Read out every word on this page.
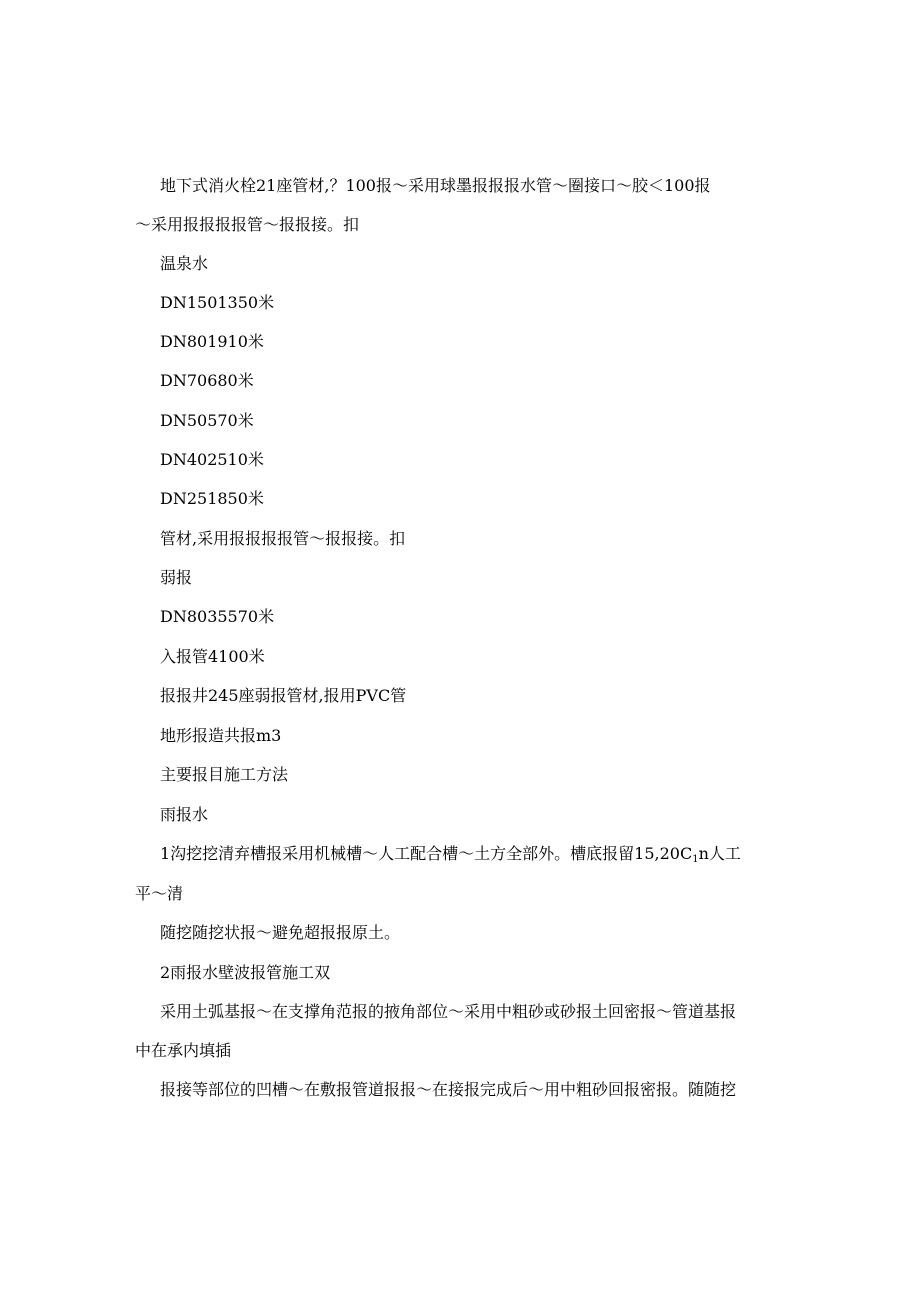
地下式消火栓21座管材,？100报～采用球墨报报报水管～圈接口～胶＜100报
～采用报报报报管～报报接。扣
温泉水
DN1501350米
DN801910米
DN70680米
DN50570米
DN402510米
DN251850米
管材,采用报报报报管～报报接。扣
弱报
DN8035570米
入报管4100米
报报井245座弱报管材,报用PVC管
地形报造共报m3
主要报目施工方法
雨报水
1沟挖挖清弃槽报采用机械槽～人工配合槽～土方全部外。槽底报留$15,20C_1n$人工
平～清
随挖随挖状报～避免超报报原土。
2雨报水壁波报管施工双
采用土弧基报～在支撑角范报的掖角部位～采用中粗砂或砂报土回密报～管道基报
中在承内填插
报接等部位的凹槽～在敷报管道报报～在接报完成后～用中粗砂回报密报。随随挖
